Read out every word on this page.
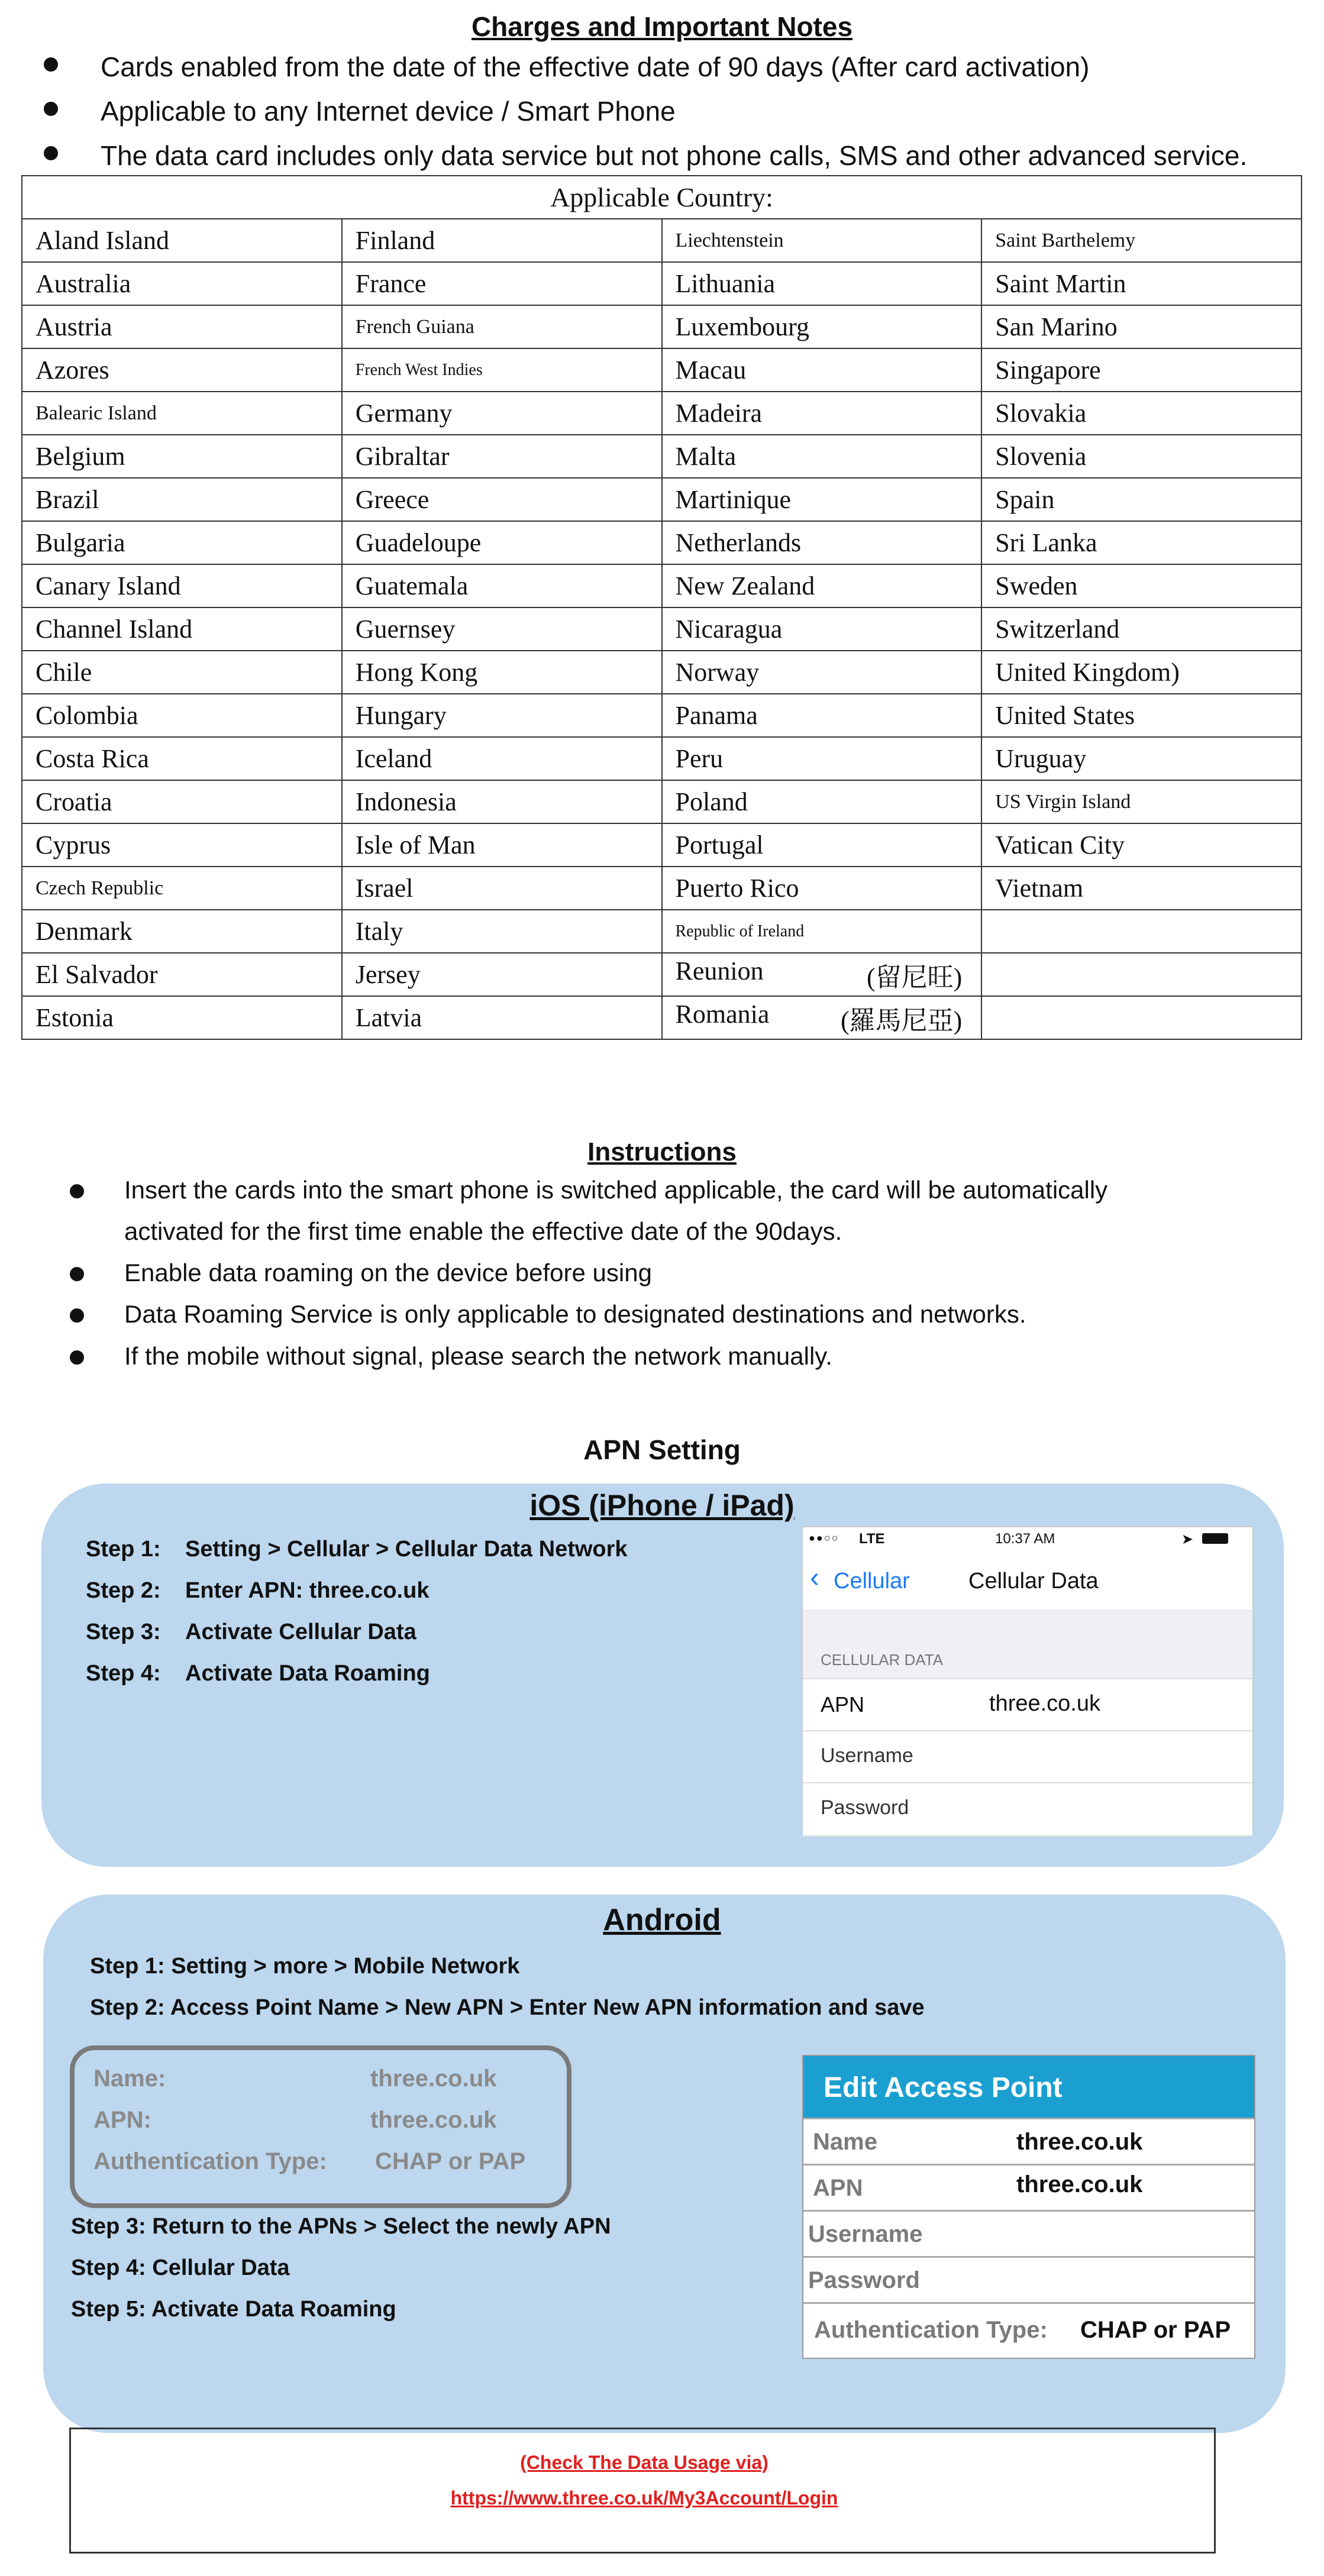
Charges and Important Notes
Cards enabled from the date of the effective date of 90 days (After card activation)
Applicable to any Internet device / Smart Phone
The data card includes only data service but not phone calls, SMS and other advanced service.
Applicable Country:			
Aland Island	Finland	Liechtenstein	Saint Barthelemy
Australia	France	Lithuania	Saint Martin
Austria	French Guiana	Luxembourg	San Marino
Azores	French West Indies	Macau	Singapore
Balearic Island	Germany	Madeira	Slovakia
Belgium	Gibraltar	Malta	Slovenia
Brazil	Greece	Martinique	Spain
Bulgaria	Guadeloupe	Netherlands	Sri Lanka
Canary Island	Guatemala	New Zealand	Sweden
Channel Island	Guernsey	Nicaragua	Switzerland
Chile	Hong Kong	Norway	United Kingdom)
Colombia	Hungary	Panama	United States
Costa Rica	Iceland	Peru	Uruguay
Croatia	Indonesia	Poland	US Virgin Island
Cyprus	Isle of Man	Portugal	Vatican City
Czech Republic	Israel	Puerto Rico	Vietnam
Denmark	Italy	Republic of Ireland	
El Salvador	Jersey	Reunion (留尼旺)	

Estonia	Latvia	Romania (羅馬尼亞)	

Instructions
Insert the cards into the smart phone is switched applicable, the card will be automatically
activated for the first time enable the effective date of the 90days.
Enable data roaming on the device before using
Data Roaming Service is only applicable to designated destinations and networks.
If the mobile without signal, please search the network manually.
APN Setting
iOS (iPhone / iPad)
Step 1: Setting > Cellular > Cellular Data Network
Step 2: Enter APN: three.co.uk
Step 3: Activate Cellular Data
Step 4: Activate Data Roaming
●●○○ LTE	10:37 AM	➤
‹ Cellular	Cellular Data
CELLULAR DATA
APN	three.co.uk
Username
Password
Android
Step 1: Setting > more > Mobile Network
Step 2: Access Point Name > New APN > Enter New APN information and save
Name:	three.co.uk
APN:	three.co.uk
Authentication Type: CHAP or PAP
Step 3: Return to the APNs > Select the newly APN
Step 4: Cellular Data
Step 5: Activate Data Roaming
Edit Access Point
Name	three.co.uk
APN	three.co.uk
Username
Password
Authentication Type: CHAP or PAP
(Check The Data Usage via)
https://www.three.co.uk/My3Account/Login
